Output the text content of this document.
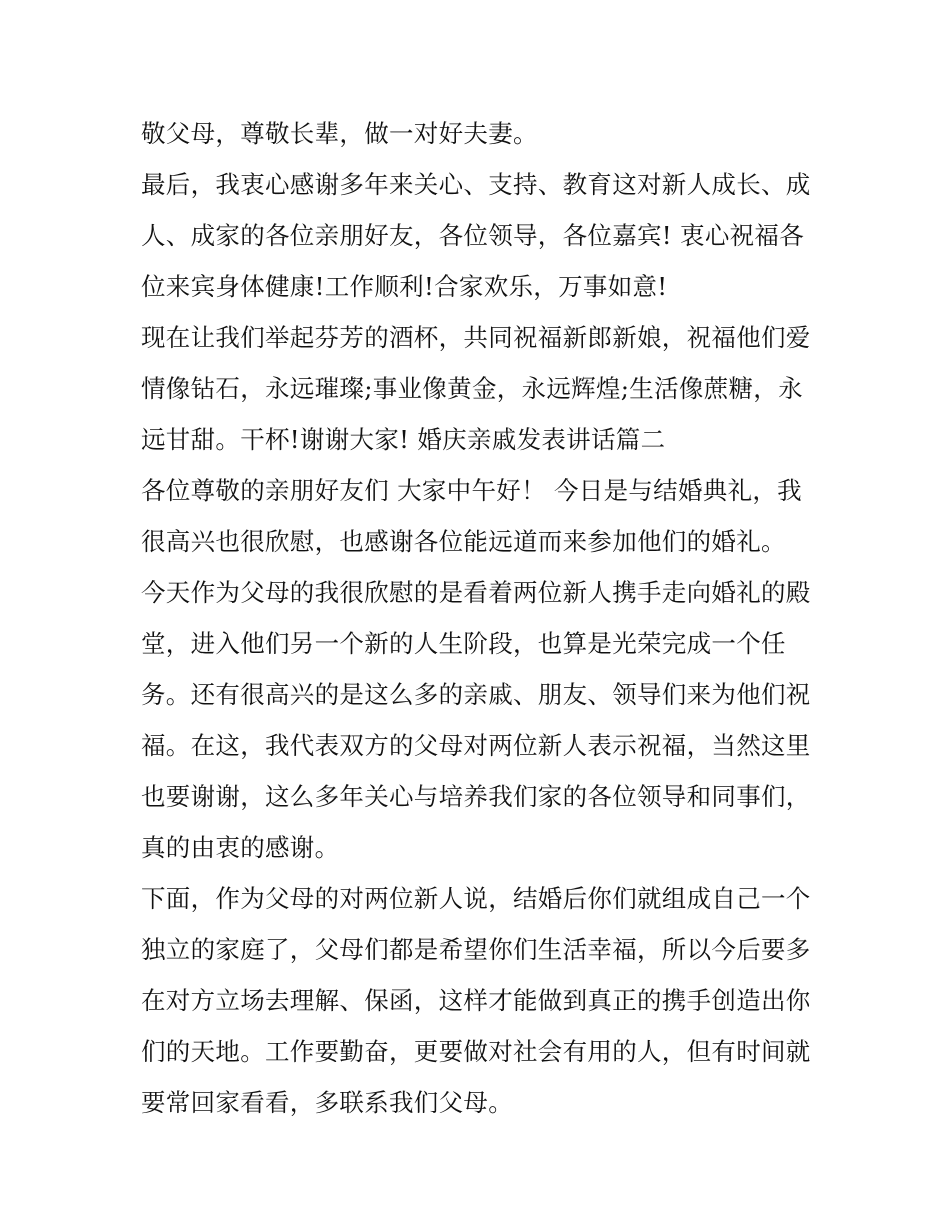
敬父母，尊敬长辈，做一对好夫妻。
最后，我衷心感谢多年来关心、支持、教育这对新人成长、成
人、成家的各位亲朋好友，各位领导，各位嘉宾! 衷心祝福各
位来宾身体健康!工作顺利!合家欢乐，万事如意!
现在让我们举起芬芳的酒杯，共同祝福新郎新娘，祝福他们爱
情像钻石，永远璀璨;事业像黄金，永远辉煌;生活像蔗糖，永
远甘甜。干杯!谢谢大家! 婚庆亲戚发表讲话篇二
各位尊敬的亲朋好友们 大家中午好！ 今日是与结婚典礼，我
很高兴也很欣慰，也感谢各位能远道而来参加他们的婚礼。
今天作为父母的我很欣慰的是看着两位新人携手走向婚礼的殿
堂，进入他们另一个新的人生阶段，也算是光荣完成一个任
务。还有很高兴的是这么多的亲戚、朋友、领导们来为他们祝
福。在这，我代表双方的父母对两位新人表示祝福，当然这里
也要谢谢，这么多年关心与培养我们家的各位领导和同事们，
真的由衷的感谢。
下面，作为父母的对两位新人说，结婚后你们就组成自己一个
独立的家庭了，父母们都是希望你们生活幸福，所以今后要多
在对方立场去理解、保函，这样才能做到真正的携手创造出你
们的天地。工作要勤奋，更要做对社会有用的人，但有时间就
要常回家看看，多联系我们父母。
